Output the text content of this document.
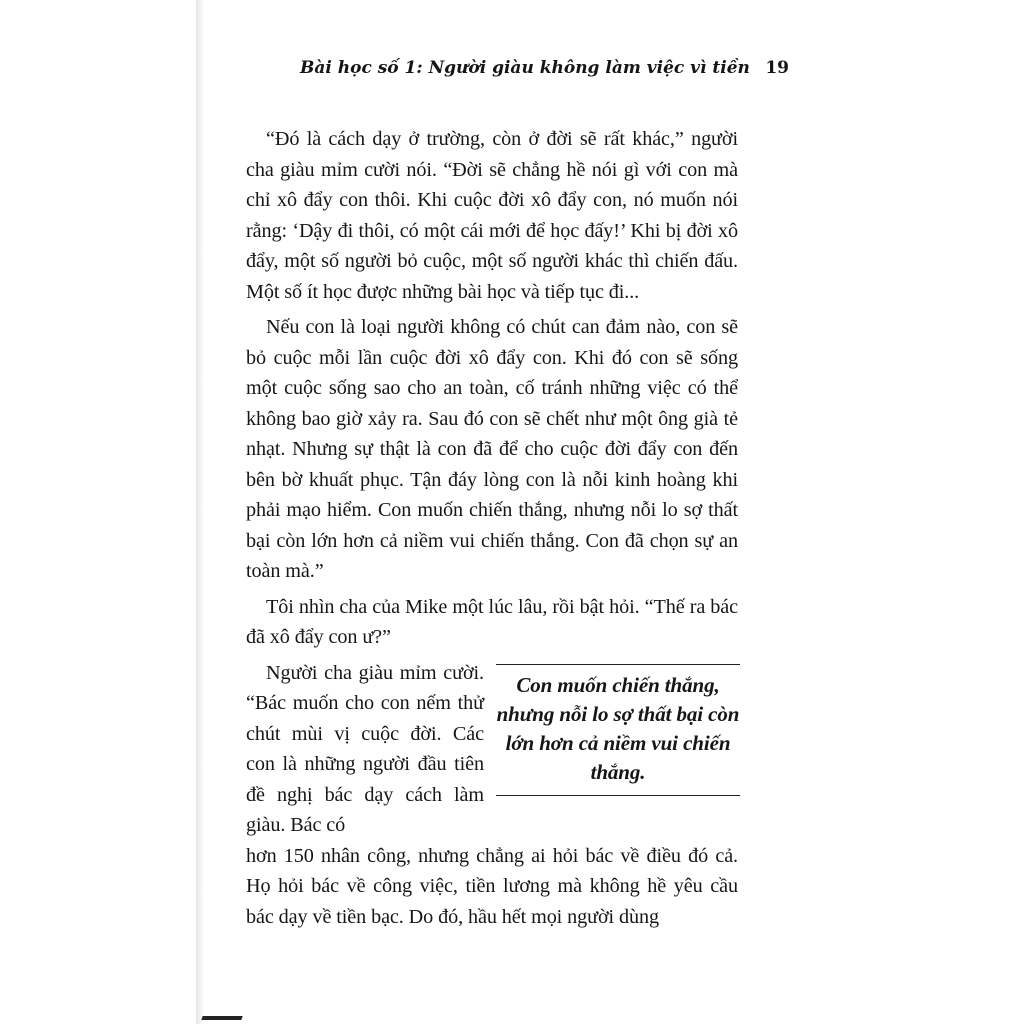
Bài học số 1: Người giàu không làm việc vì tiền 19

“Đó là cách dạy ở trường, còn ở đời sẽ rất khác,” người cha giàu mỉm cười nói. “Đời sẽ chẳng hề nói gì với con mà chỉ xô đẩy con thôi. Khi cuộc đời xô đẩy con, nó muốn nói rằng: ‘Dậy đi thôi, có một cái mới để học đấy!’ Khi bị đời xô đẩy, một số người bỏ cuộc, một số người khác thì chiến đấu. Một số ít học được những bài học và tiếp tục đi...

Nếu con là loại người không có chút can đảm nào, con sẽ bỏ cuộc mỗi lần cuộc đời xô đẩy con. Khi đó con sẽ sống một cuộc sống sao cho an toàn, cố tránh những việc có thể không bao giờ xảy ra. Sau đó con sẽ chết như một ông già tẻ nhạt. Nhưng sự thật là con đã để cho cuộc đời đẩy con đến bên bờ khuất phục. Tận đáy lòng con là nỗi kinh hoàng khi phải mạo hiểm. Con muốn chiến thắng, nhưng nỗi lo sợ thất bại còn lớn hơn cả niềm vui chiến thắng. Con đã chọn sự an toàn mà.”

Tôi nhìn cha của Mike một lúc lâu, rồi bật hỏi. “Thế ra bác đã xô đẩy con ư?”

Người cha giàu mỉm cười. “Bác muốn cho con nếm thử chút mùi vị cuộc đời. Các con là những người đầu tiên đề nghị bác dạy cách làm giàu. Bác có

Con muốn chiến thắng, nhưng nỗi lo sợ thất bại còn lớn hơn cả niềm vui chiến thắng.

hơn 150 nhân công, nhưng chẳng ai hỏi bác về điều đó cả. Họ hỏi bác về công việc, tiền lương mà không hề yêu cầu bác dạy về tiền bạc. Do đó, hầu hết mọi người dùng
